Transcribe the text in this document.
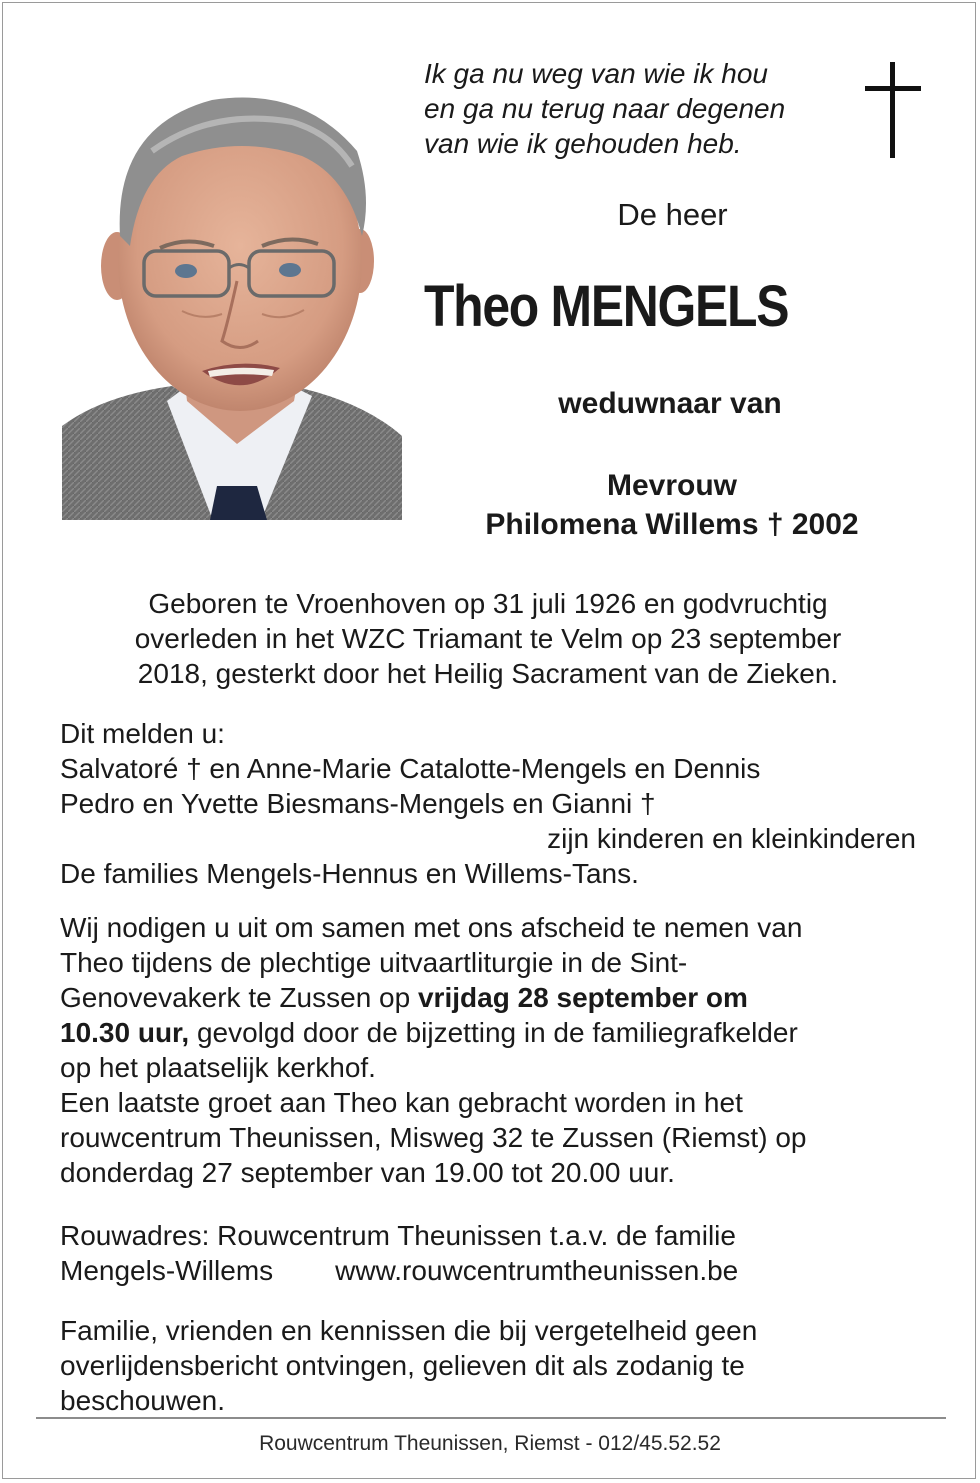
Ik ga nu weg van wie ik hou
en ga nu terug naar degenen
van wie ik gehouden heb.
De heer
Theo MENGELS
weduwnaar van
Mevrouw
Philomena Willems † 2002
Geboren te Vroenhoven op 31 juli 1926 en godvruchtig
overleden in het WZC Triamant te Velm op 23 september
2018, gesterkt door het Heilig Sacrament van de Zieken.
Dit melden u:
Salvatoré † en Anne-Marie Catalotte-Mengels en Dennis
Pedro en Yvette Biesmans-Mengels en Gianni †
zijn kinderen en kleinkinderen
De families Mengels-Hennus en Willems-Tans.
Wij nodigen u uit om samen met ons afscheid te nemen van
Theo tijdens de plechtige uitvaartliturgie in de Sint-
Genovevakerk te Zussen op vrijdag 28 september om
10.30 uur, gevolgd door de bijzetting in de familiegrafkelder
op het plaatselijk kerkhof.
Een laatste groet aan Theo kan gebracht worden in het
rouwcentrum Theunissen, Misweg 32 te Zussen (Riemst) op
donderdag 27 september van 19.00 tot 20.00 uur.
Rouwadres: Rouwcentrum Theunissen t.a.v. de familie
Mengels-Willems www.rouwcentrumtheunissen.be
Familie, vrienden en kennissen die bij vergetelheid geen
overlijdensbericht ontvingen, gelieven dit als zodanig te
beschouwen.
Rouwcentrum Theunissen, Riemst - 012/45.52.52
